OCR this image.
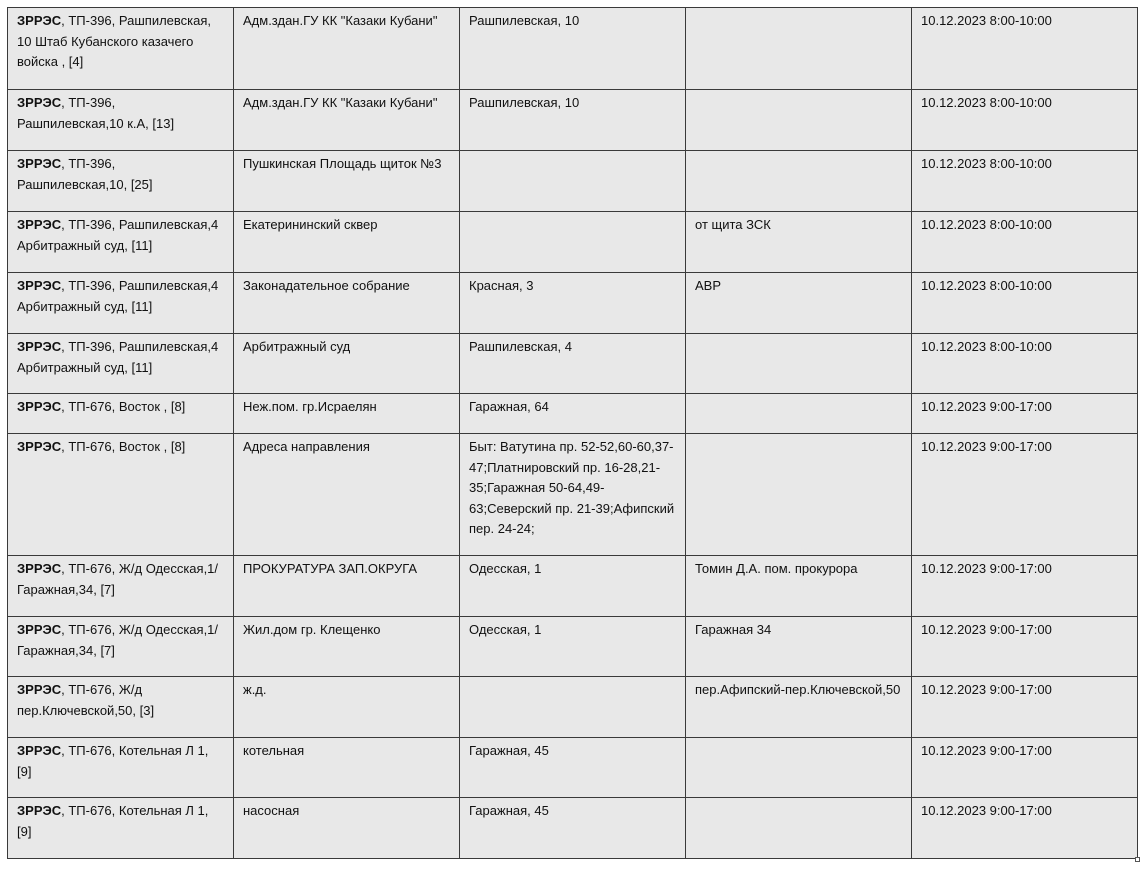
ЗРРЭС, ТП-396, Рашпилевская, 10 Штаб Кубанского казачего войска , [4]	Адм.здан.ГУ КК "Казаки Кубани"	Рашпилевская, 10		10.12.2023 8:00-10:00
ЗРРЭС, ТП-396, Рашпилевская,10 к.А, [13]	Адм.здан.ГУ КК "Казаки Кубани"	Рашпилевская, 10		10.12.2023 8:00-10:00
ЗРРЭС, ТП-396, Рашпилевская,10, [25]	Пушкинская Площадь щиток №3			10.12.2023 8:00-10:00
ЗРРЭС, ТП-396, Рашпилевская,4 Арбитражный суд, [11]	Екатерининский сквер		от щита ЗСК	10.12.2023 8:00-10:00
ЗРРЭС, ТП-396, Рашпилевская,4 Арбитражный суд, [11]	Законадательное собрание	Красная, 3	АВР	10.12.2023 8:00-10:00
ЗРРЭС, ТП-396, Рашпилевская,4 Арбитражный суд, [11]	Арбитражный суд	Рашпилевская, 4		10.12.2023 8:00-10:00
ЗРРЭС, ТП-676, Восток , [8]	Неж.пом. гр.Исраелян	Гаражная, 64		10.12.2023 9:00-17:00
ЗРРЭС, ТП-676, Восток , [8]	Адреса направления	Быт: Ватутина пр. 52-52,60-60,37-47;Платнировский пр. 16-28,21-35;Гаражная 50-64,49-63;Северский пр. 21-39;Афипский пер. 24-24;		10.12.2023 9:00-17:00
ЗРРЭС, ТП-676, Ж/д Одесская,1/ Гаражная,34, [7]	ПРОКУРАТУРА ЗАП.ОКРУГА	Одесская, 1	Томин Д.А. пом. прокурора	10.12.2023 9:00-17:00
ЗРРЭС, ТП-676, Ж/д Одесская,1/ Гаражная,34, [7]	Жил.дом гр. Клещенко	Одесская, 1	Гаражная 34	10.12.2023 9:00-17:00
ЗРРЭС, ТП-676, Ж/д пер.Ключевской,50, [3]	ж.д.		пер.Афипский-пер.Ключевской,50	10.12.2023 9:00-17:00
ЗРРЭС, ТП-676, Котельная Л 1, [9]	котельная	Гаражная, 45		10.12.2023 9:00-17:00
ЗРРЭС, ТП-676, Котельная Л 1, [9]	насосная	Гаражная, 45		10.12.2023 9:00-17:00
